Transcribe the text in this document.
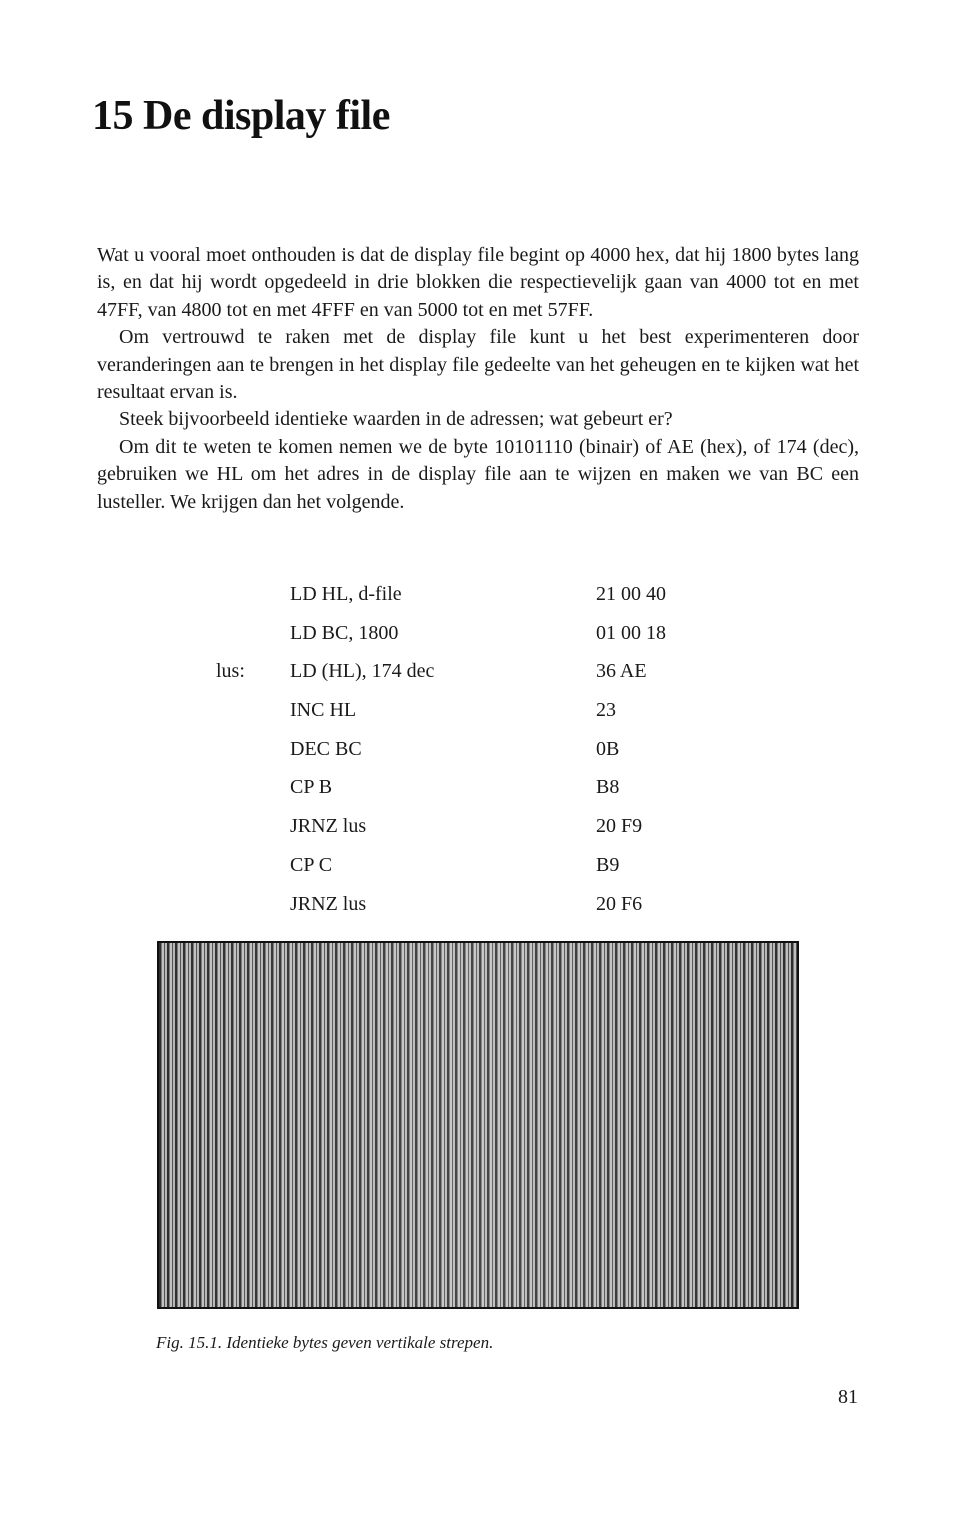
15 De display file

Wat u vooral moet onthouden is dat de display file begint op 4000 hex, dat hij 1800 bytes lang is, en dat hij wordt opgedeeld in drie blokken die respectievelijk gaan van 4000 tot en met 47FF, van 4800 tot en met 4FFF en van 5000 tot en met 57FF.

Om vertrouwd te raken met de display file kunt u het best experimenteren door veranderingen aan te brengen in het display file gedeelte van het geheugen en te kijken wat het resultaat ervan is.

Steek bijvoorbeeld identieke waarden in de adressen; wat gebeurt er?

Om dit te weten te komen nemen we de byte 10101110 (binair) of AE (hex), of 174 (dec), gebruiken we HL om het adres in de display file aan te wijzen en maken we van BC een lusteller. We krijgen dan het volgende.

LD HL, d-file	21 00 40
LD BC, 1800	01 00 18
lus: LD (HL), 174 dec	36 AE
INC HL	23
DEC BC	0B
CP B	B8
JRNZ lus	20 F9
CP C	B9
JRNZ lus	20 F6
Fig. 15.1. Identieke bytes geven vertikale strepen.
81
